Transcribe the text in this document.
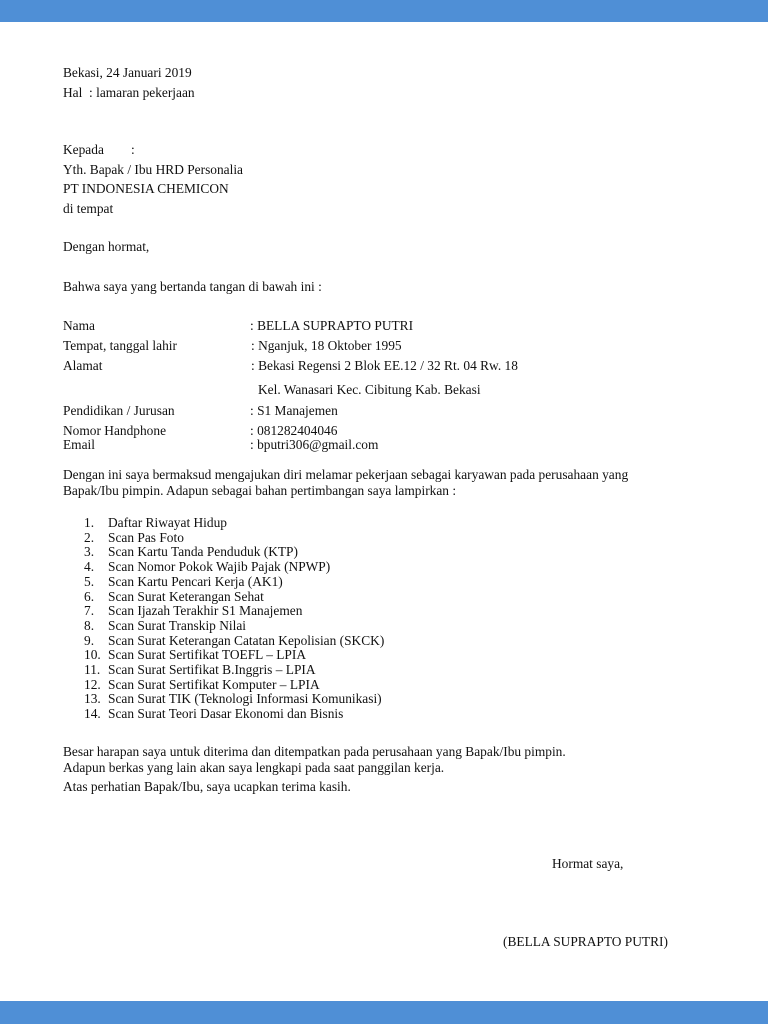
Bekasi, 24 Januari 2019
Hal  : lamaran pekerjaan
Kepada :
Yth. Bapak / Ibu HRD Personalia
PT INDONESIA CHEMICON
di tempat
Dengan hormat,
Bahwa saya yang bertanda tangan di bawah ini :
Nama	: BELLA SUPRAPTO PUTRI
Tempat, tanggal lahir	: Nganjuk, 18 Oktober 1995
Alamat	: Bekasi Regensi 2 Blok EE.12 / 32 Rt. 04 Rw. 18
Kel. Wanasari Kec. Cibitung Kab. Bekasi
Pendidikan / Jurusan	: S1 Manajemen
Nomor Handphone	: 081282404046
Email	: bputri306@gmail.com
Dengan ini saya bermaksud mengajukan diri melamar pekerjaan sebagai karyawan pada perusahaan yang
Bapak/Ibu pimpin. Adapun sebagai bahan pertimbangan saya lampirkan :
1. Daftar Riwayat Hidup
2. Scan Pas Foto
3. Scan Kartu Tanda Penduduk (KTP)
4. Scan Nomor Pokok Wajib Pajak (NPWP)
5. Scan Kartu Pencari Kerja (AK1)
6. Scan Surat Keterangan Sehat
7. Scan Ijazah Terakhir S1 Manajemen
8. Scan Surat Transkip Nilai
9. Scan Surat Keterangan Catatan Kepolisian (SKCK)
10. Scan Surat Sertifikat TOEFL – LPIA
11. Scan Surat Sertifikat B.Inggris – LPIA
12. Scan Surat Sertifikat Komputer – LPIA
13. Scan Surat TIK (Teknologi Informasi Komunikasi)
14. Scan Surat Teori Dasar Ekonomi dan Bisnis
Besar harapan saya untuk diterima dan ditempatkan pada perusahaan yang Bapak/Ibu pimpin.
Adapun berkas yang lain akan saya lengkapi pada saat panggilan kerja.
Atas perhatian Bapak/Ibu, saya ucapkan terima kasih.
Hormat saya,
(BELLA SUPRAPTO PUTRI)
